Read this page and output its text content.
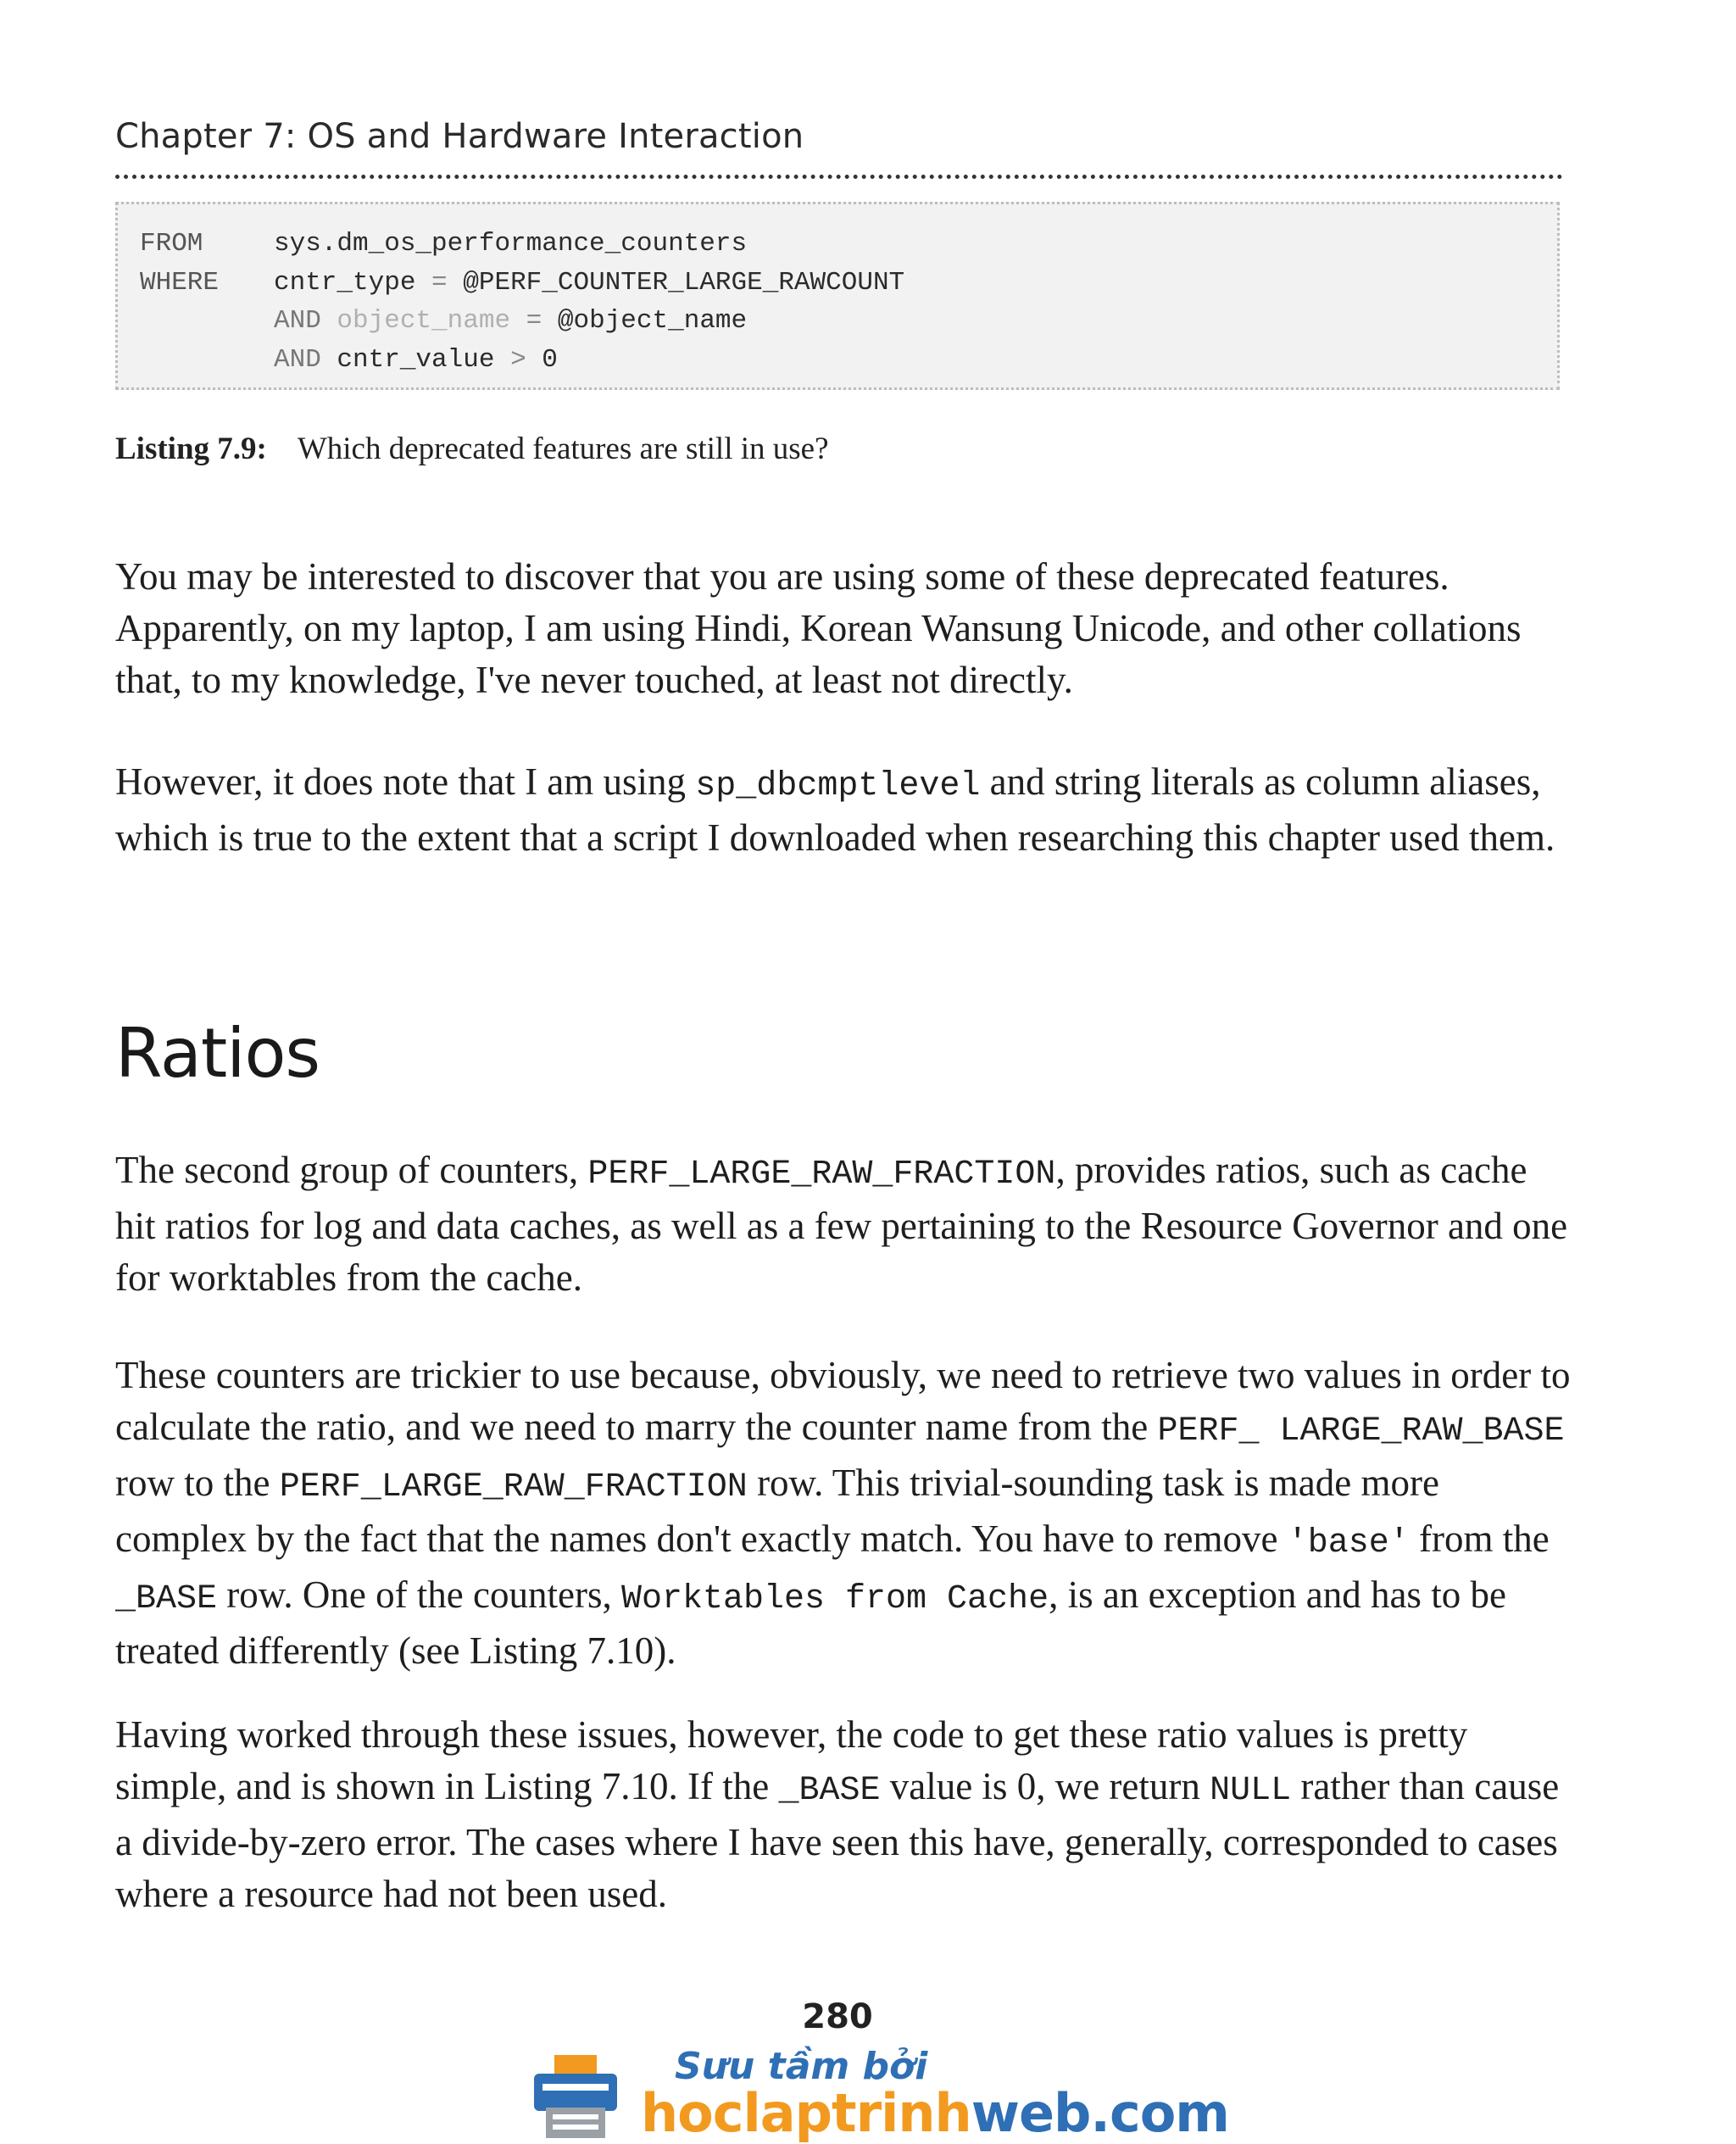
Chapter 7: OS and Hardware Interaction
FROM	sys.dm_os_performance_counters
WHERE cntr_type = @PERF_COUNTER_LARGE_RAWCOUNT
AND object_name = @object_name
AND cntr_value > 0
Listing 7.9: Which deprecated features are still in use?

You may be interested to discover that you are using some of these deprecated features. Apparently, on my laptop, I am using Hindi, Korean Wansung Unicode, and other collations that, to my knowledge, I've never touched, at least not directly.

However, it does note that I am using sp_dbcmptlevel and string literals as column aliases, which is true to the extent that a script I downloaded when researching this chapter used them.

Ratios

The second group of counters, PERF_LARGE_RAW_FRACTION, provides ratios, such as cache hit ratios for log and data caches, as well as a few pertaining to the Resource Governor and one for worktables from the cache.

These counters are trickier to use because, obviously, we need to retrieve two values in order to calculate the ratio, and we need to marry the counter name from the PERF_ LARGE_RAW_BASE row to the PERF_LARGE_RAW_FRACTION row. This trivial-sounding task is made more complex by the fact that the names don't exactly match. You have to remove 'base' from the _BASE row. One of the counters, Worktables from Cache, is an exception and has to be treated differently (see Listing 7.10).

Having worked through these issues, however, the code to get these ratio values is pretty simple, and is shown in Listing 7.10. If the _BASE value is 0, we return NULL rather than cause a divide-by-zero error. The cases where I have seen this have, generally, corresponded to cases where a resource had not been used.

280
Sưu tầm bởi
hoclaptrinhweb.com
